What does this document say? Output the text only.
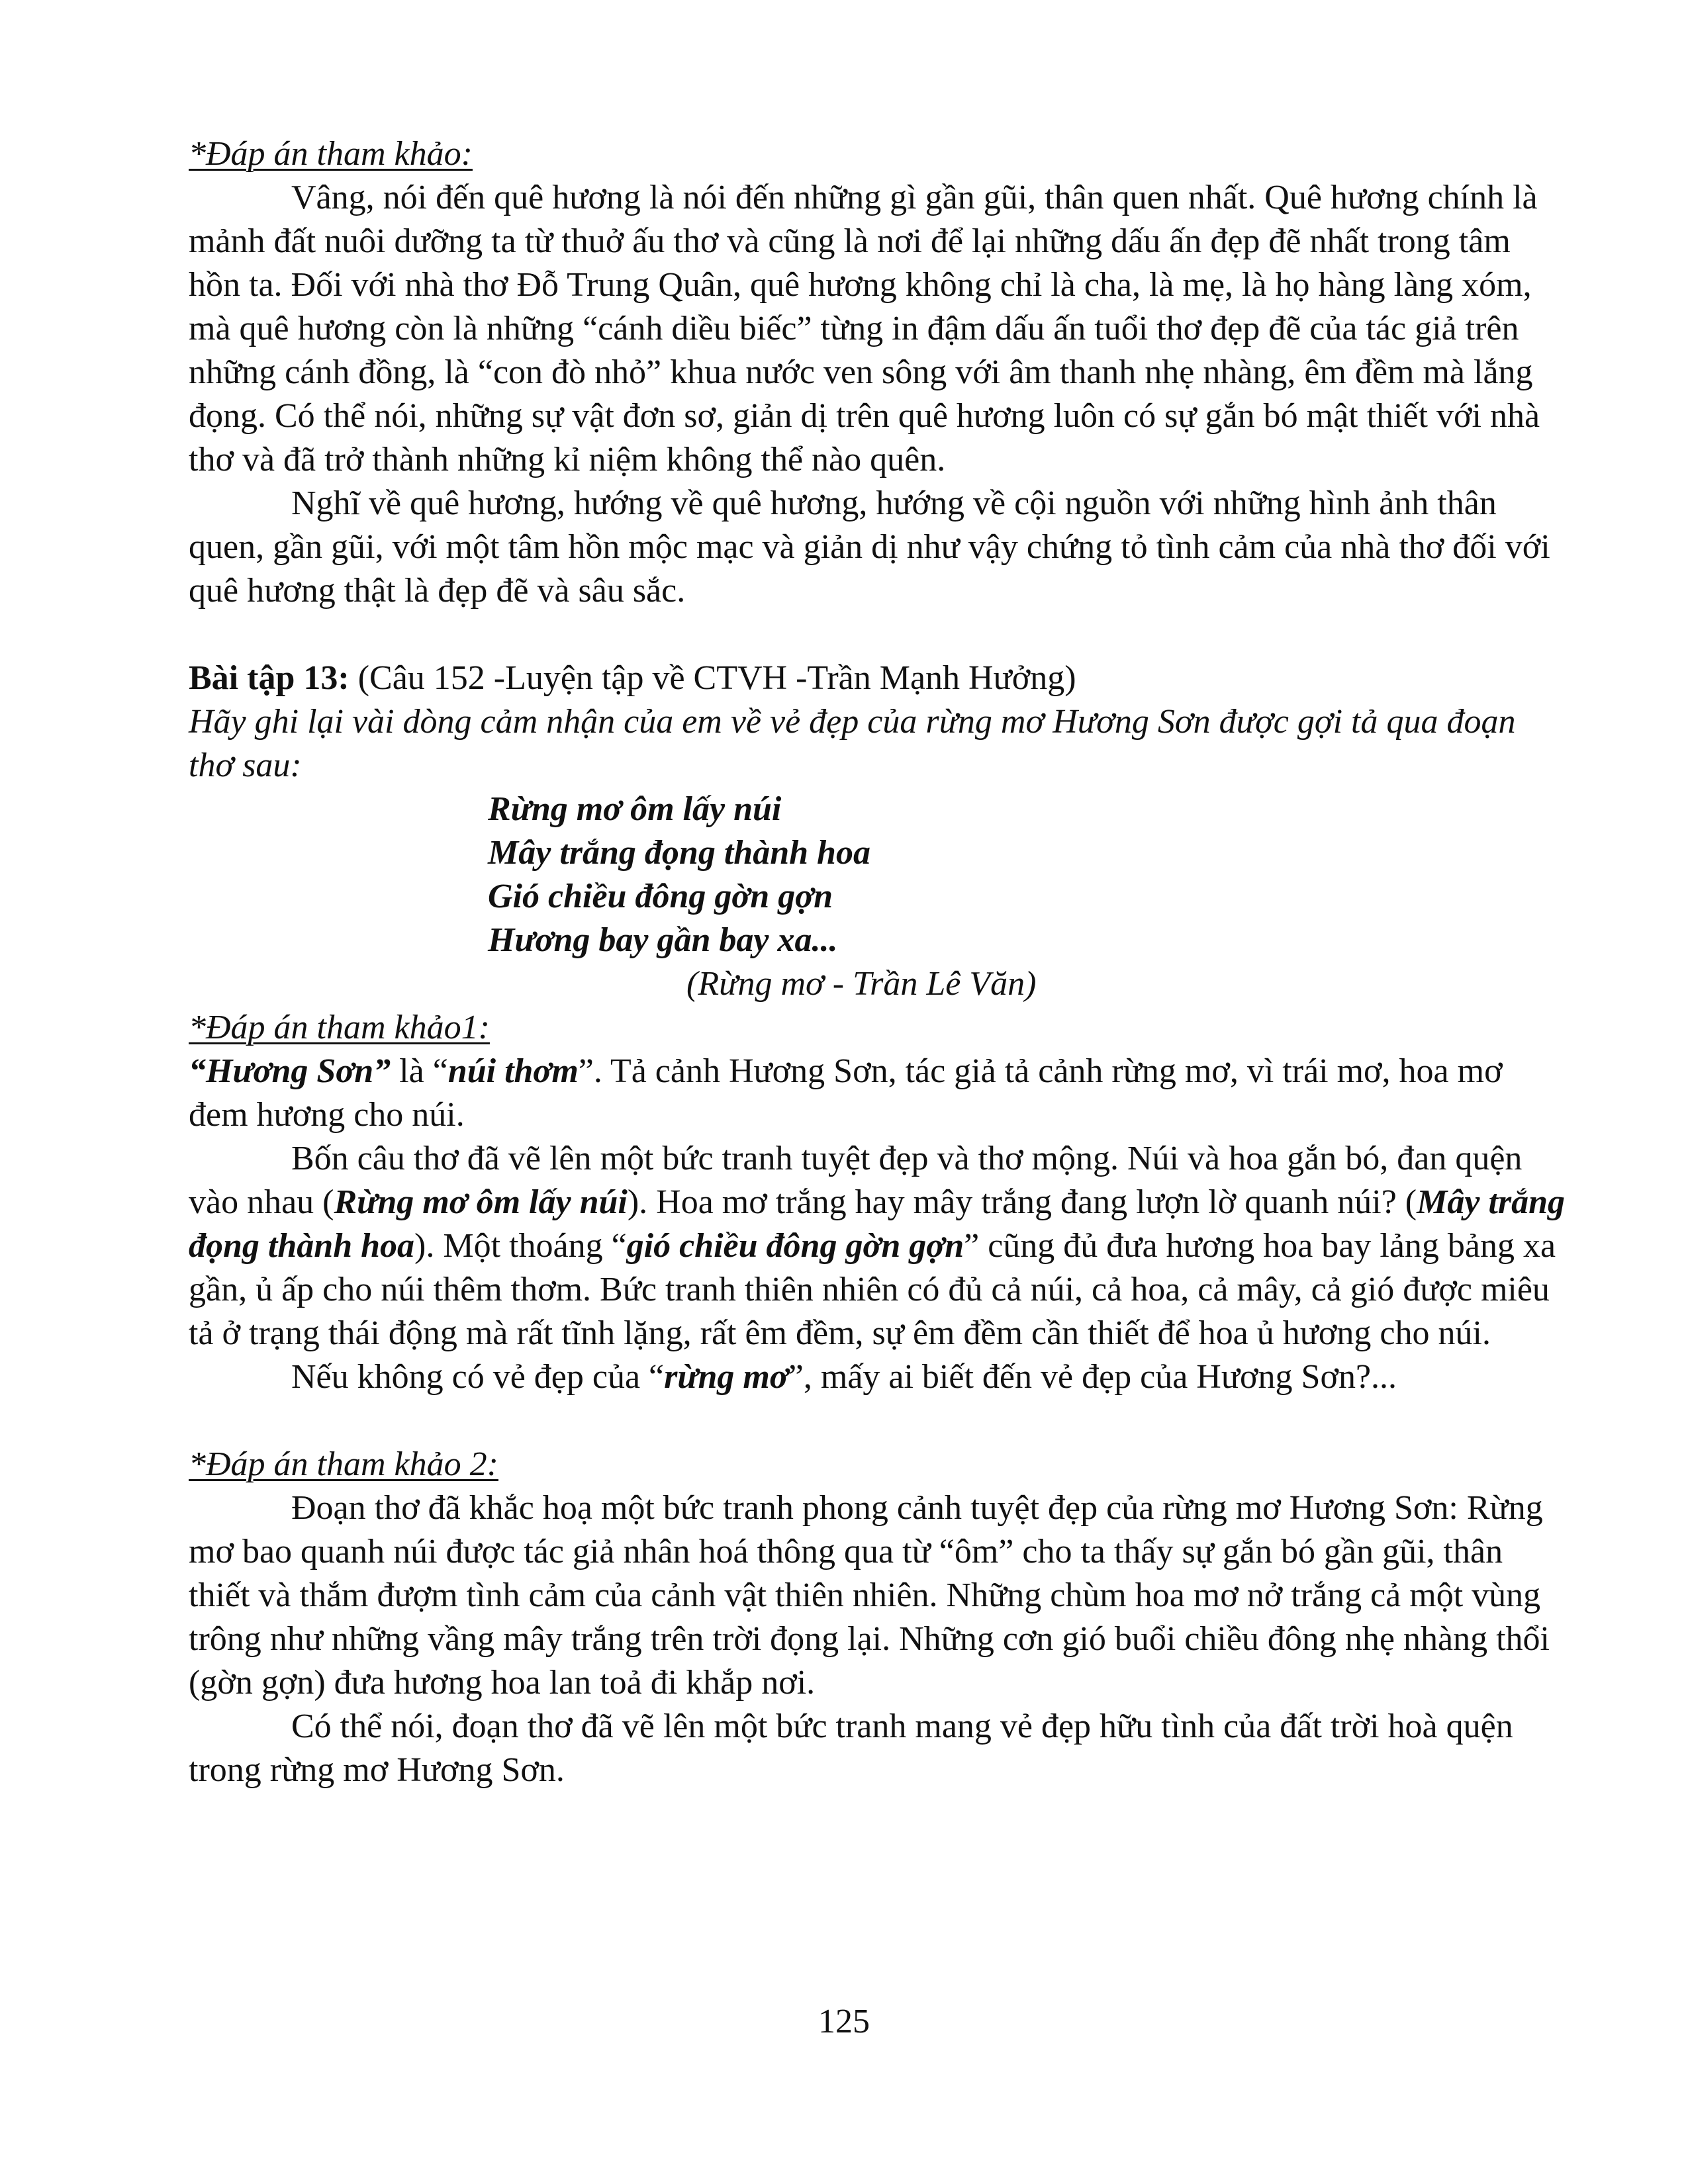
*Đáp án tham khảo:

Vâng, nói đến quê hương là nói đến những gì gần gũi, thân quen nhất. Quê hương chính là mảnh đất nuôi dưỡng ta từ thuở ấu thơ và cũng là nơi để lại những dấu ấn đẹp đẽ nhất trong tâm hồn ta. Đối với nhà thơ Đỗ Trung Quân, quê hương không chỉ là cha, là mẹ, là họ hàng làng xóm, mà quê hương còn là những “cánh diều biếc” từng in đậm dấu ấn tuổi thơ đẹp đẽ của tác giả trên những cánh đồng, là “con đò nhỏ” khua nước ven sông với âm thanh nhẹ nhàng, êm đềm mà lắng đọng. Có thể nói, những sự vật đơn sơ, giản dị trên quê hương luôn có sự gắn bó mật thiết với nhà thơ và đã trở thành những kỉ niệm không thể nào quên.

Nghĩ về quê hương, hướng về quê hương, hướng về cội nguồn với những hình ảnh thân quen, gần gũi, với một tâm hồn mộc mạc và giản dị như vậy chứng tỏ tình cảm của nhà thơ đối với quê hương thật là đẹp đẽ và sâu sắc.

Bài tập 13: (Câu 152 -Luyện tập về CTVH -Trần Mạnh Hưởng)

Hãy ghi lại vài dòng cảm nhận của em về vẻ đẹp của rừng mơ Hương Sơn được gợi tả qua đoạn thơ sau:

Rừng mơ ôm lấy núi

Mây trắng đọng thành hoa

Gió chiều đông gờn gợn

Hương bay gần bay xa...

(Rừng mơ - Trần Lê Văn)

*Đáp án tham khảo1:

“Hương Sơn” là “núi thơm”. Tả cảnh Hương Sơn, tác giả tả cảnh rừng mơ, vì trái mơ, hoa mơ đem hương cho núi.

Bốn câu thơ đã vẽ lên một bức tranh tuyệt đẹp và thơ mộng. Núi và hoa gắn bó, đan quện vào nhau (Rừng mơ ôm lấy núi). Hoa mơ trắng hay mây trắng đang lượn lờ quanh núi? (Mây trắng đọng thành hoa). Một thoáng “gió chiều đông gờn gợn” cũng đủ đưa hương hoa bay lảng bảng xa gần, ủ ấp cho núi thêm thơm. Bức tranh thiên nhiên có đủ cả núi, cả hoa, cả mây, cả gió được miêu tả ở trạng thái động mà rất tĩnh lặng, rất êm đềm, sự êm đềm cần thiết để hoa ủ hương cho núi.

Nếu không có vẻ đẹp của “rừng mơ”, mấy ai biết đến vẻ đẹp của Hương Sơn?...

*Đáp án tham khảo 2:

Đoạn thơ đã khắc hoạ một bức tranh phong cảnh tuyệt đẹp của rừng mơ Hương Sơn: Rừng mơ bao quanh núi được tác giả nhân hoá thông qua từ “ôm” cho ta thấy sự gắn bó gần gũi, thân thiết và thắm đượm tình cảm của cảnh vật thiên nhiên. Những chùm hoa mơ nở trắng cả một vùng trông như những vầng mây trắng trên trời đọng lại. Những cơn gió buổi chiều đông nhẹ nhàng thổi (gờn gợn) đưa hương hoa lan toả đi khắp nơi.

Có thể nói, đoạn thơ đã vẽ lên một bức tranh mang vẻ đẹp hữu tình của đất trời hoà quện trong rừng mơ Hương Sơn.

125
